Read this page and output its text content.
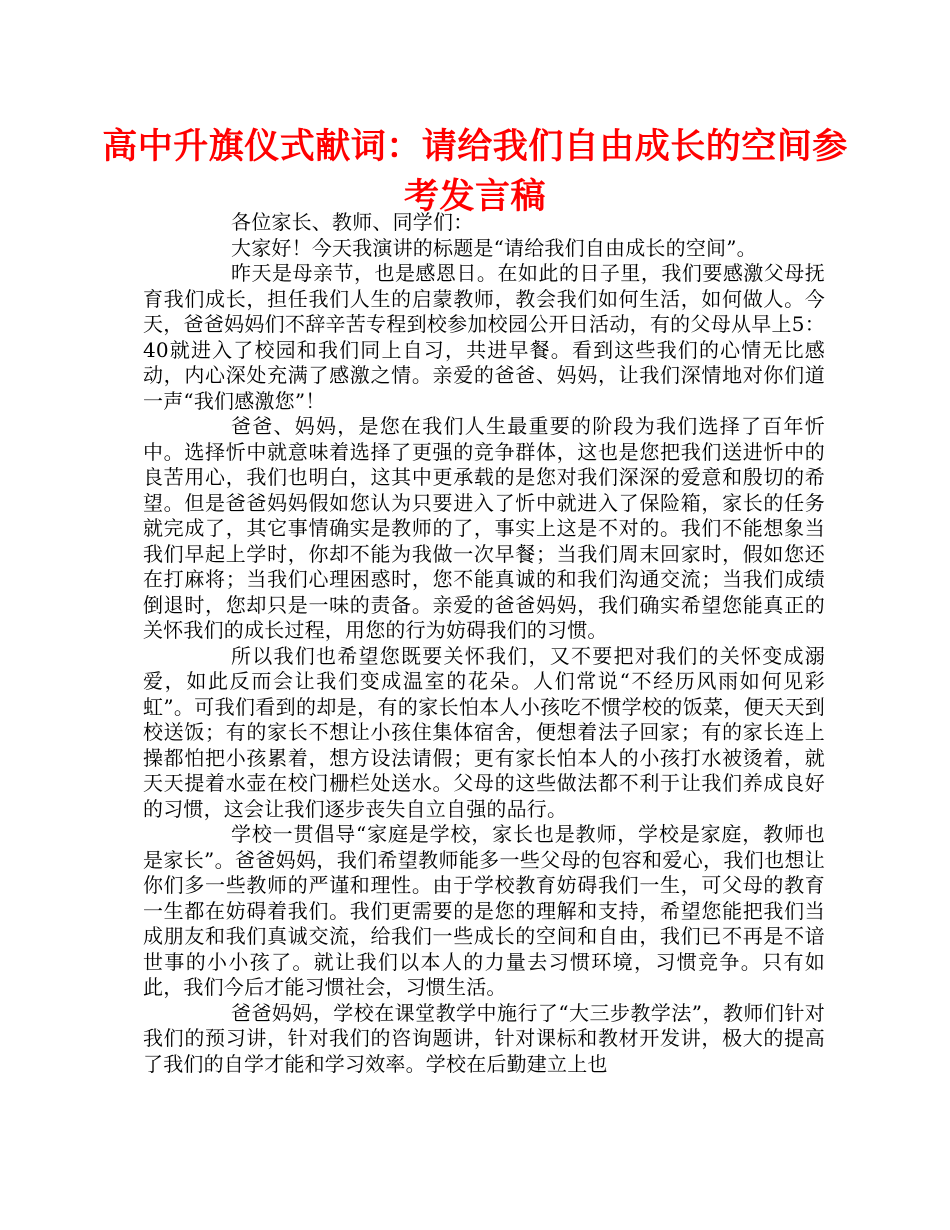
高中升旗仪式献词：请给我们自由成长的空间参考发言稿

各位家长、教师、同学们：

大家好！今天我演讲的标题是“请给我们自由成长的空间”。

昨天是母亲节，也是感恩日。在如此的日子里，我们要感激父母抚育我们成长，担任我们人生的启蒙教师，教会我们如何生活，如何做人。今天，爸爸妈妈们不辞辛苦专程到校参加校园公开日活动，有的父母从早上5：40就进入了校园和我们同上自习，共进早餐。看到这些我们的心情无比感动，内心深处充满了感激之情。亲爱的爸爸、妈妈，让我们深情地对你们道一声“我们感激您”！

爸爸、妈妈，是您在我们人生最重要的阶段为我们选择了百年忻中。选择忻中就意味着选择了更强的竞争群体，这也是您把我们送进忻中的良苦用心，我们也明白，这其中更承载的是您对我们深深的爱意和殷切的希望。但是爸爸妈妈假如您认为只要进入了忻中就进入了保险箱，家长的任务就完成了，其它事情确实是教师的了，事实上这是不对的。我们不能想象当我们早起上学时，你却不能为我做一次早餐；当我们周末回家时，假如您还在打麻将；当我们心理困惑时，您不能真诚的和我们沟通交流；当我们成绩倒退时，您却只是一味的责备。亲爱的爸爸妈妈，我们确实希望您能真正的关怀我们的成长过程，用您的行为妨碍我们的习惯。

所以我们也希望您既要关怀我们，又不要把对我们的关怀变成溺爱，如此反而会让我们变成温室的花朵。人们常说“不经历风雨如何见彩虹”。可我们看到的却是，有的家长怕本人小孩吃不惯学校的饭菜，便天天到校送饭；有的家长不想让小孩住集体宿舍，便想着法子回家；有的家长连上操都怕把小孩累着，想方设法请假；更有家长怕本人的小孩打水被烫着，就天天提着水壶在校门栅栏处送水。父母的这些做法都不利于让我们养成良好的习惯，这会让我们逐步丧失自立自强的品行。

学校一贯倡导“家庭是学校，家长也是教师，学校是家庭，教师也是家长”。爸爸妈妈，我们希望教师能多一些父母的包容和爱心，我们也想让你们多一些教师的严谨和理性。由于学校教育妨碍我们一生，可父母的教育一生都在妨碍着我们。我们更需要的是您的理解和支持，希望您能把我们当成朋友和我们真诚交流，给我们一些成长的空间和自由，我们已不再是不谙世事的小小孩了。就让我们以本人的力量去习惯环境，习惯竞争。只有如此，我们今后才能习惯社会，习惯生活。

爸爸妈妈，学校在课堂教学中施行了“大三步教学法”，教师们针对我们的预习讲，针对我们的咨询题讲，针对课标和教材开发讲，极大的提高了我们的自学才能和学习效率。学校在后勤建立上也
